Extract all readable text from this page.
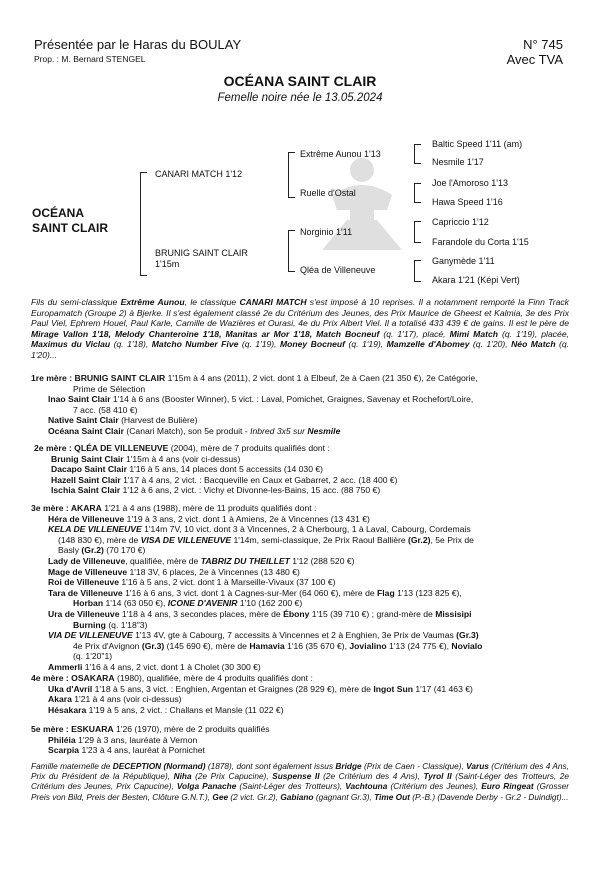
Présentée par le Haras du BOULAY
Prop. : M. Bernard STENGEL
N° 745
Avec TVA
OCÉANA SAINT CLAIR
Femelle noire née le 13.05.2024
OCÉANA
SAINT CLAIR
CANARI MATCH 1'12
BRUNIG SAINT CLAIR
1'15m
Extrême Aunou 1'13
Ruelle d'Ostal
Norginio 1'11
Qléa de Villeneuve
Baltic Speed 1'11 (am)
Nesmile 1'17
Joe l'Amoroso 1'13
Hawa Speed 1'16
Capriccio 1'12
Farandole du Corta 1'15
Ganymède 1'11
Akara 1'21 (Képi Vert)
Fils du semi-classique Extrême Aunou, le classique CANARI MATCH s'est imposé à 10 reprises. Il a notamment remporté la Finn Track Europamatch (Groupe 2) à Bjerke. Il s'est également classé 2e du Critérium des Jeunes, des Prix Maurice de Gheest et Kalmia, 3e des Prix Paul Viel, Ephrem Houel, Paul Karle, Camille de Wazières et Ourasi, 4e du Prix Albert Viel. Il a totalisé 433 439 € de gains. Il est le père de Mirage Vallon 1'18, Melody Chanteroine 1'18, Manitas ar Mor 1'18, Match Bocneuf (q. 1'17), placé, Mimi Match (q. 1'19), placée, Maximus du Viclau (q. 1'18), Matcho Number Five (q. 1'19), Money Bocneuf (q. 1'19), Mamzelle d'Abomey (q. 1'20), Néo Match (q. 1'20)...
1re mère : BRUNIG SAINT CLAIR 1'15m à 4 ans (2011), 2 vict. dont 1 à Elbeuf, 2e à Caen (21 350 €), 2e Catégorie,
Prime de Sélection
Inao Saint Clair 1'14 à 6 ans (Booster Winner), 5 vict. : Laval, Pomichet, Graignes, Savenay et Rochefort/Loire,
7 acc. (58 410 €)
Native Saint Clair (Harvest de Bulière)
Océana Saint Clair (Canari Match), son 5e produit - Inbred 3x5 sur Nesmile
2e mère : QLÉA DE VILLENEUVE (2004), mère de 7 produits qualifiés dont :
Brunig Saint Clair 1'15m à 4 ans (voir ci-dessus)
Dacapo Saint Clair 1'16 à 5 ans, 14 places dont 5 accessits (14 030 €)
Hazell Saint Clair 1'17 à 4 ans, 2 vict. : Bacqueville en Caux et Gabarret, 2 acc. (18 400 €)
Ischia Saint Clair 1'12 à 6 ans, 2 vict. : Vichy et Divonne-les-Bains, 15 acc. (88 750 €)
3e mère : AKARA 1'21 à 4 ans (1988), mère de 11 produits qualifiés dont :
Héra de Villeneuve 1'19 à 3 ans, 2 vict. dont 1 à Amiens, 2e à Vincennes (13 431 €)
KELA DE VILLENEUVE 1'14m 7V, 10 vict. dont 3 à Vincennes, 2 à Cherbourg, 1 à Laval, Cabourg, Cordemais
(148 830 €), mère de VISA DE VILLENEUVE 1'14m, semi-classique, 2e Prix Raoul Ballière (Gr.2), 5e Prix de
Basly (Gr.2) (70 170 €)
Lady de Villeneuve, qualifiée, mère de TABRIZ DU THEILLET 1'12 (288 520 €)
Mage de Villeneuve 1'18 3V, 6 places, 2e à Vincennes (13 480 €)
Roi de Villeneuve 1'16 à 5 ans, 2 vict. dont 1 à Marseille-Vivaux (37 100 €)
Tara de Villeneuve 1'16 à 6 ans, 3 vict. dont 1 à Cagnes-sur-Mer (64 060 €), mère de Flag 1'13 (123 825 €),
Horban 1'14 (63 050 €), ICONE D'AVENIR 1'10 (162 200 €)
Ura de Villeneuve 1'18 à 4 ans, 3 secondes places, mère de Ébony 1'15 (39 710 €) ; grand-mère de Missisipi
Burning (q. 1'18"3)
VIA DE VILLENEUVE 1'13 4V, gte à Cabourg, 7 accessits à Vincennes et 2 à Enghien, 3e Prix de Vaumas (Gr.3)
4e Prix d'Avignon (Gr.3) (145 690 €), mère de Hamavia 1'16 (35 670 €), Jovialino 1'13 (24 775 €), Novialo
(q. 1'20"1)
Ammerli 1'16 à 4 ans, 2 vict. dont 1 à Cholet (30 300 €)
4e mère : OSAKARA (1980), qualifiée, mère de 4 produits qualifiés dont :
Uka d'Avril 1'18 à 5 ans, 3 vict. : Enghien, Argentan et Graignes (28 929 €), mère de Ingot Sun 1'17 (41 463 €)
Akara 1'21 à 4 ans (voir ci-dessus)
Hésakara 1'19 à 5 ans, 2 vict. : Challans et Mansle (11 022 €)
5e mère : ESKUARA 1'26 (1970), mère de 2 produits qualifiés
Philéia 1'29 à 3 ans, lauréate à Vernon
Scarpia 1'23 à 4 ans, lauréat à Pornichet
Famille maternelle de DECEPTION (Normand) (1878), dont sont également issus Bridge (Prix de Caen - Classique), Varus (Critérium des 4 Ans, Prix du Président de la République), Niha (2e Prix Capucine), Suspense II (2e Critérium des 4 Ans), Tyrol II (Saint-Léger des Trotteurs, 2e Critérium des Jeunes, Prix Capucine), Volga Panache (Saint-Léger des Trotteurs), Vachtouna (Critérium des Jeunes), Euro Ringeat (Grosser Preis von Bild, Preis der Besten, Clôture G.N.T.), Gee (2 vict. Gr.2), Gabiano (gagnant Gr.3), Time Out (P.-B.) (Davende Derby - Gr.2 - Duindigt)...
